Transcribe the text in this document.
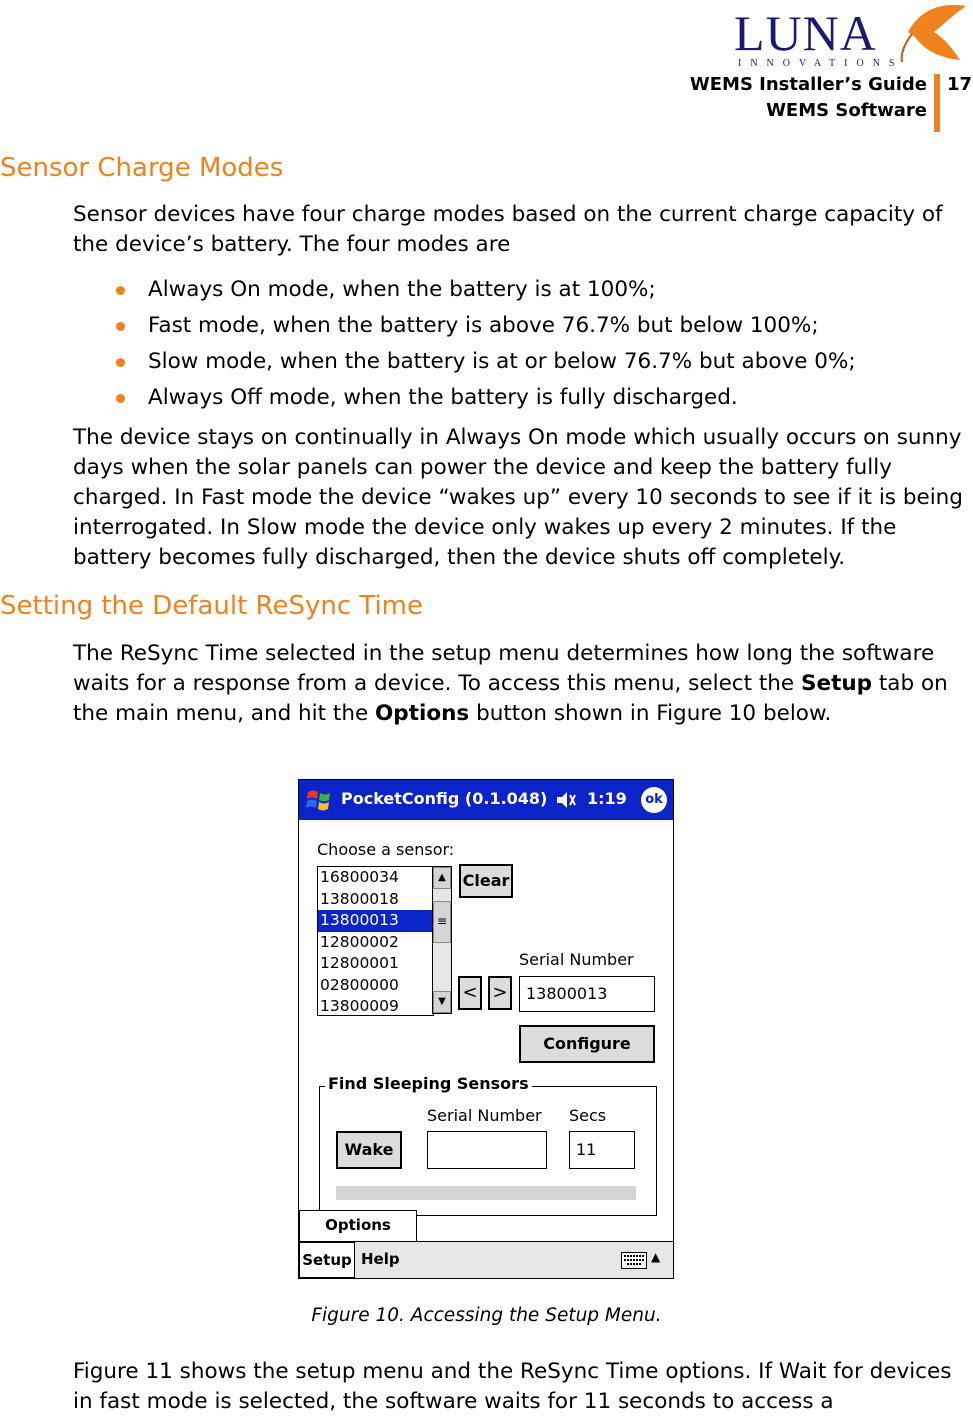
LUNA
INNOVATIONS
WEMS Installer’s Guide
WEMS Software
17
Sensor Charge Modes

Sensor devices have four charge modes based on the current charge capacity of the device’s battery. The four modes are

Always On mode, when the battery is at 100%;
Fast mode, when the battery is above 76.7% but below 100%;
Slow mode, when the battery is at or below 76.7% but above 0%;
Always Off mode, when the battery is fully discharged.

The device stays on continually in Always On mode which usually occurs on sunny days when the solar panels can power the device and keep the battery fully charged. In Fast mode the device “wakes up” every 10 seconds to see if it is being interrogated. In Slow mode the device only wakes up every 2 minutes. If the battery becomes fully discharged, then the device shuts off completely.

Setting the Default ReSync Time

The ReSync Time selected in the setup menu determines how long the software waits for a response from a device. To access this menu, select the Setup tab on the main menu, and hit the Options button shown in Figure 10 below.

PocketConfig (0.1.048) 1:19	ok
Choose a sensor:
16800034
13800018
13800013
12800002
12800001
02800000
13800009
▲
≡
▼
Clear
Serial Number
< >	13800013
Configure
Find Sleeping Sensors
Serial Number Secs
Wake	11
Options
Setup Help	▲
Figure 10. Accessing the Setup Menu.

Figure 11 shows the setup menu and the ReSync Time options. If Wait for devices in fast mode is selected, the software waits for 11 seconds to access a
